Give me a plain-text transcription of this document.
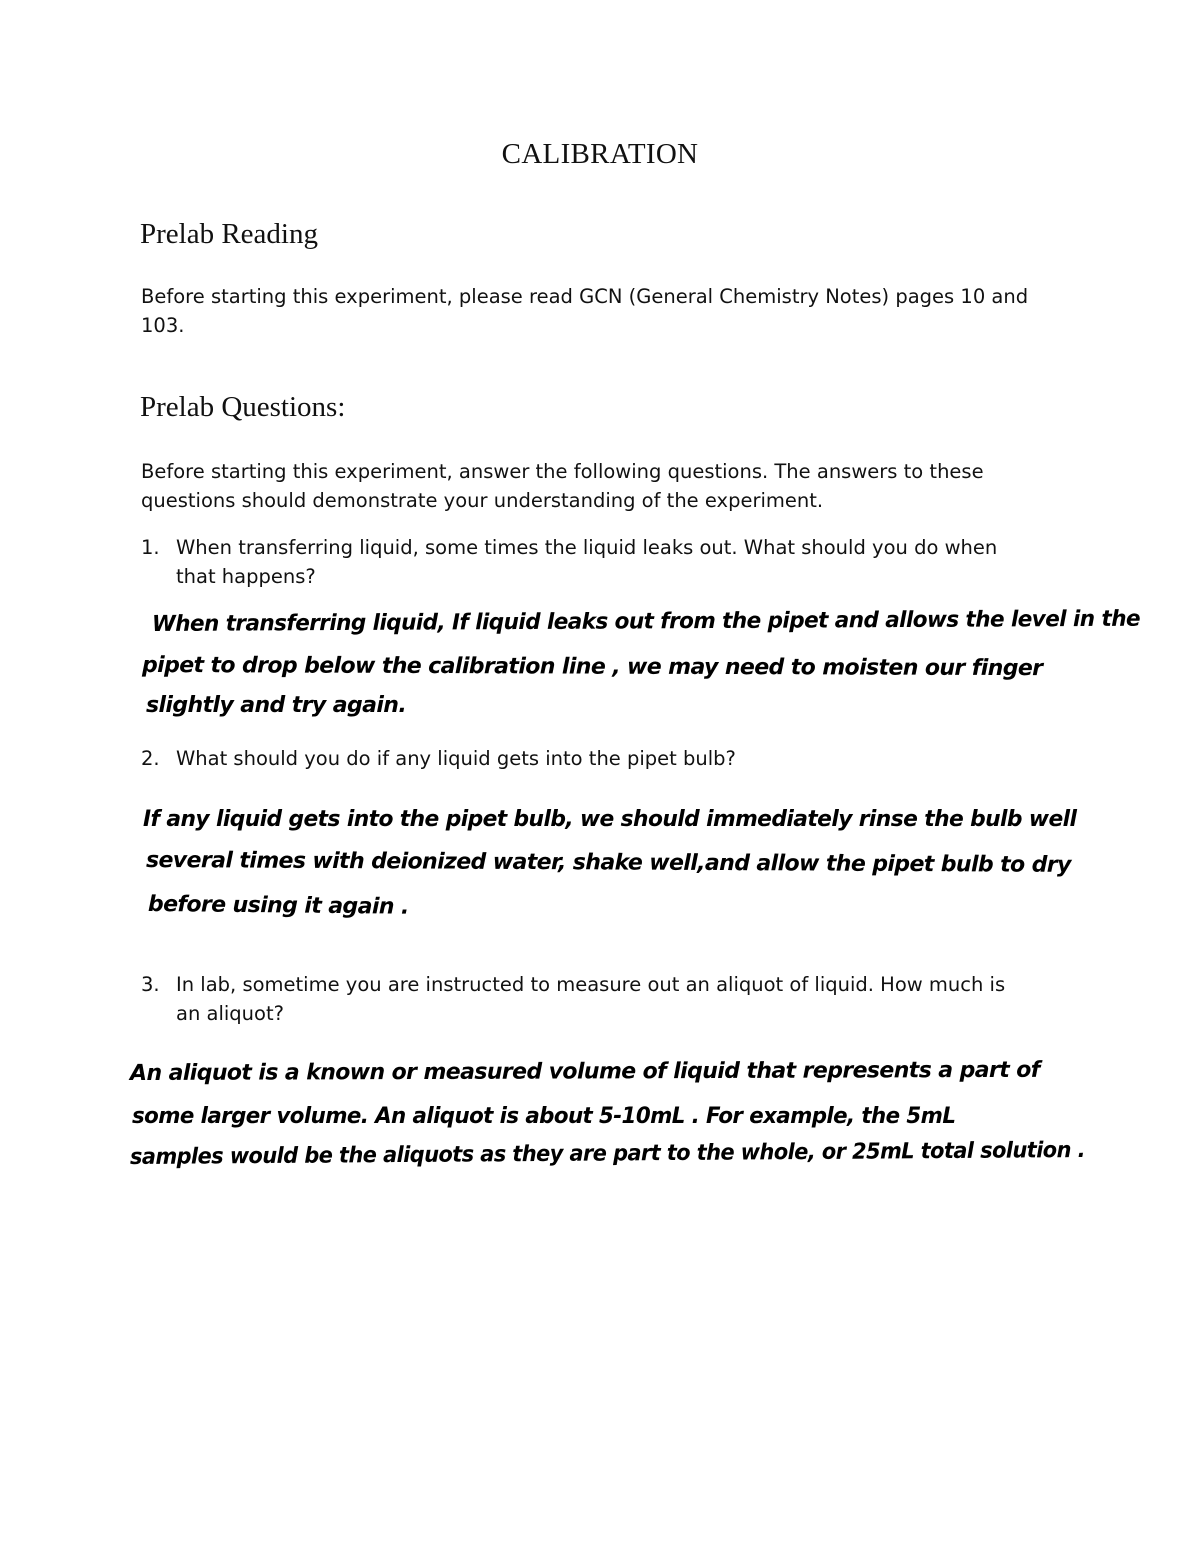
CALIBRATION
Prelab Reading

Before starting this experiment, please read GCN (General Chemistry Notes) pages 10 and 103.

Prelab Questions:

Before starting this experiment, answer the following questions. The answers to these questions should demonstrate your understanding of the experiment.

1. When transferring liquid, some times the liquid leaks out. What should you do when that happens?
When transferring liquid, If liquid leaks out from the pipet and allows the level in the
pipet to drop below the calibration line , we may need to moisten our finger
slightly and try again.
2. What should you do if any liquid gets into the pipet bulb?
If any liquid gets into the pipet bulb, we should immediately rinse the bulb well
several times with deionized water, shake well,and allow the pipet bulb to dry
before using it again .
3. In lab, sometime you are instructed to measure out an aliquot of liquid. How much is an aliquot?
An aliquot is a known or measured volume of liquid that represents a part of
some larger volume. An aliquot is about 5-10mL . For example, the 5mL
samples would be the aliquots as they are part to the whole, or 25mL total solution .
